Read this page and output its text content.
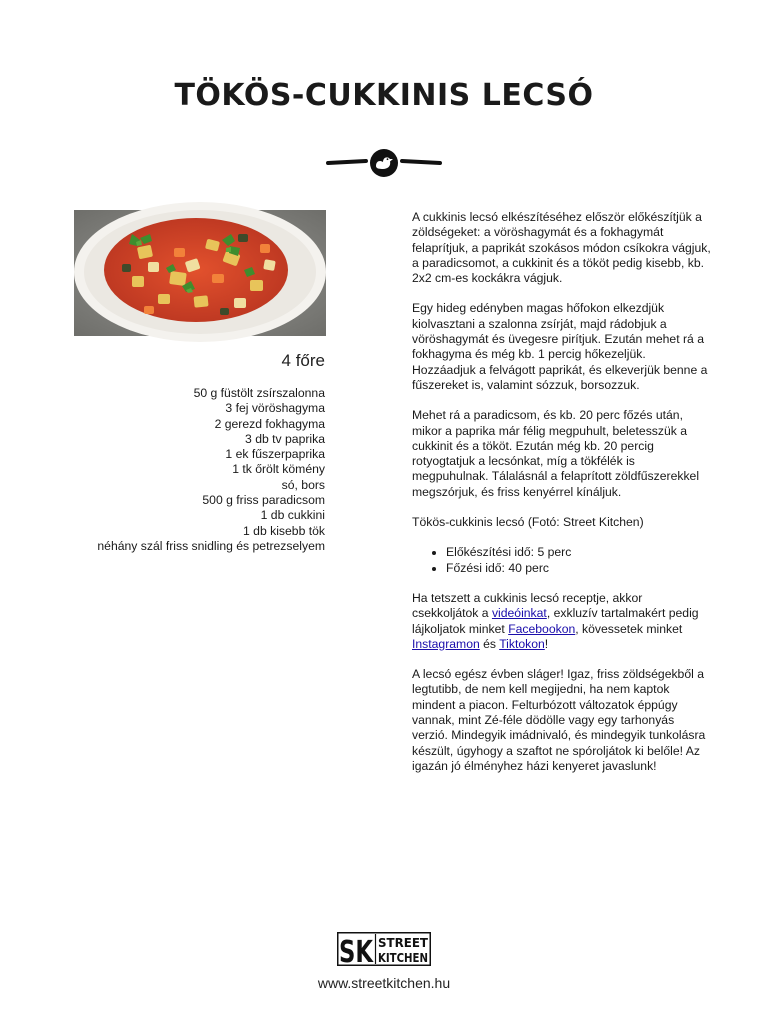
TÖKÖS-CUKKINIS LECSÓ
4 főre
50 g füstölt zsírszalonna
3 fej vöröshagyma
2 gerezd fokhagyma
3 db tv paprika
1 ek fűszerpaprika
1 tk őrölt kömény
só, bors
500 g friss paradicsom
1 db cukkini
1 db kisebb tök
néhány szál friss snidling és petrezselyem

A cukkinis lecsó elkészítéséhez először előkészítjük a zöldségeket: a vöröshagymát és a fokhagymát felaprítjuk, a paprikát szokásos módon csíkokra vágjuk, a paradicsomot, a cukkinit és a tököt pedig kisebb, kb. 2x2 cm-es kockákra vágjuk.

Egy hideg edényben magas hőfokon elkezdjük kiolvasztani a szalonna zsírját, majd rádobjuk a vöröshagymát és üvegesre pirítjuk. Ezután mehet rá a fokhagyma és még kb. 1 percig hőkezeljük. Hozzáadjuk a felvágott paprikát, és elkeverjük benne a fűszereket is, valamint sózzuk, borsozzuk.

Mehet rá a paradicsom, és kb. 20 perc főzés után, mikor a paprika már félig megpuhult, beletesszük a cukkinit és a tököt. Ezután még kb. 20 percig rotyogtatjuk a lecsónkat, míg a tökfélék is megpuhulnak. Tálalásnál a felaprított zöldfűszerekkel megszórjuk, és friss kenyérrel kínáljuk.

Tökös-cukkinis lecsó (Fotó: Street Kitchen)

• Előkészítési idő: 5 perc
• Főzési idő: 40 perc

Ha tetszett a cukkinis lecsó receptje, akkor csekkoljátok a videóinkat, exkluzív tartalmakért pedig lájkoljatok minket Facebookon, kövessetek minket Instagramon és Tiktokon!

A lecsó egész évben sláger! Igaz, friss zöldségekből a legtutibb, de nem kell megijedni, ha nem kaptok mindent a piacon. Felturbózott változatok éppúgy vannak, mint Zé-féle dödölle vagy egy tarhonyás verzió. Mindegyik imádnivaló, és mindegyik tunkolásra készült, úgyhogy a szaftot ne spóroljátok ki belőle! Az igazán jó élményhez házi kenyeret javaslunk!

SK STREET
KITCHEN
www.streetkitchen.hu
